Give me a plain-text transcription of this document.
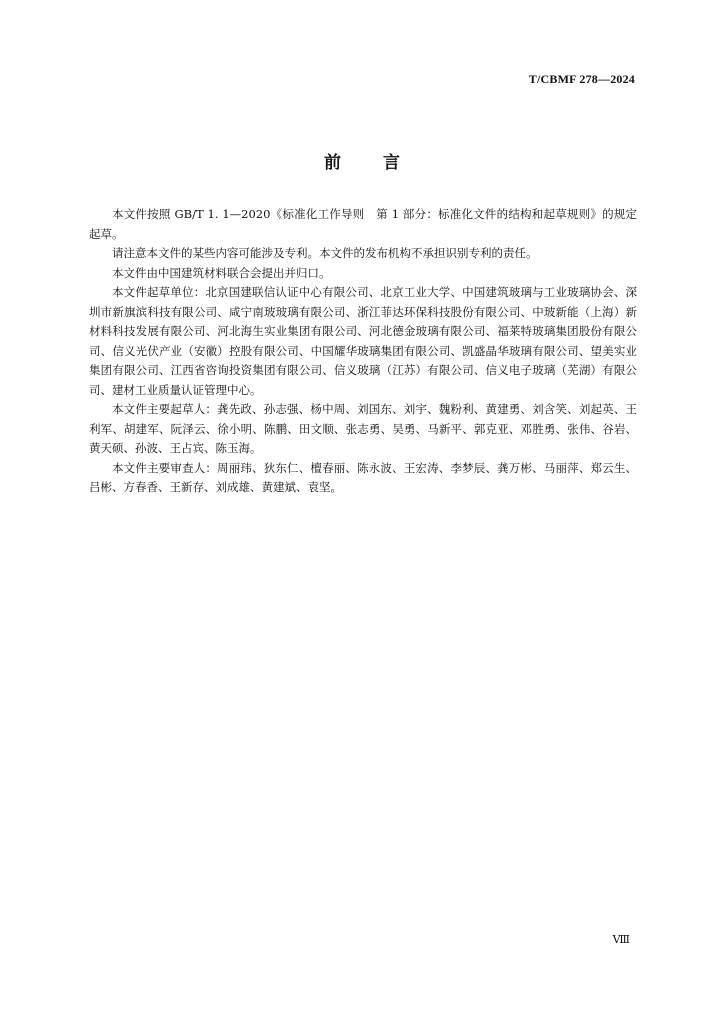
T/CBMF 278—2024
前言

本文件按照 GB/T 1. 1—2020《标准化工作导则　第 1 部分：标准化文件的结构和起草规则》的规定起草。

请注意本文件的某些内容可能涉及专利。本文件的发布机构不承担识别专利的责任。

本文件由中国建筑材料联合会提出并归口。

本文件起草单位：北京国建联信认证中心有限公司、北京工业大学、中国建筑玻璃与工业玻璃协会、深圳市新旗滨科技有限公司、咸宁南玻玻璃有限公司、浙江菲达环保科技股份有限公司、中玻新能（上海）新材料科技发展有限公司、河北海生实业集团有限公司、河北德金玻璃有限公司、福莱特玻璃集团股份有限公司、信义光伏产业（安徽）控股有限公司、中国耀华玻璃集团有限公司、凯盛晶华玻璃有限公司、望美实业集团有限公司、江西省咨询投资集团有限公司、信义玻璃（江苏）有限公司、信义电子玻璃（芜湖）有限公司、建材工业质量认证管理中心。

本文件主要起草人：龚先政、孙志强、杨中周、刘国东、刘宇、魏粉利、黄建勇、刘含笑、刘起英、王利军、胡建军、阮泽云、徐小明、陈鹏、田文顺、张志勇、吴勇、马新平、郭克亚、邓胜勇、张伟、谷岩、黄天硕、孙波、王占宾、陈玉海。

本文件主要审查人：周丽玮、狄东仁、檀春丽、陈永波、王宏涛、李梦辰、龚万彬、马丽萍、郑云生、吕彬、方春香、王新存、刘成雄、黄建斌、袁坚。

Ⅷ
